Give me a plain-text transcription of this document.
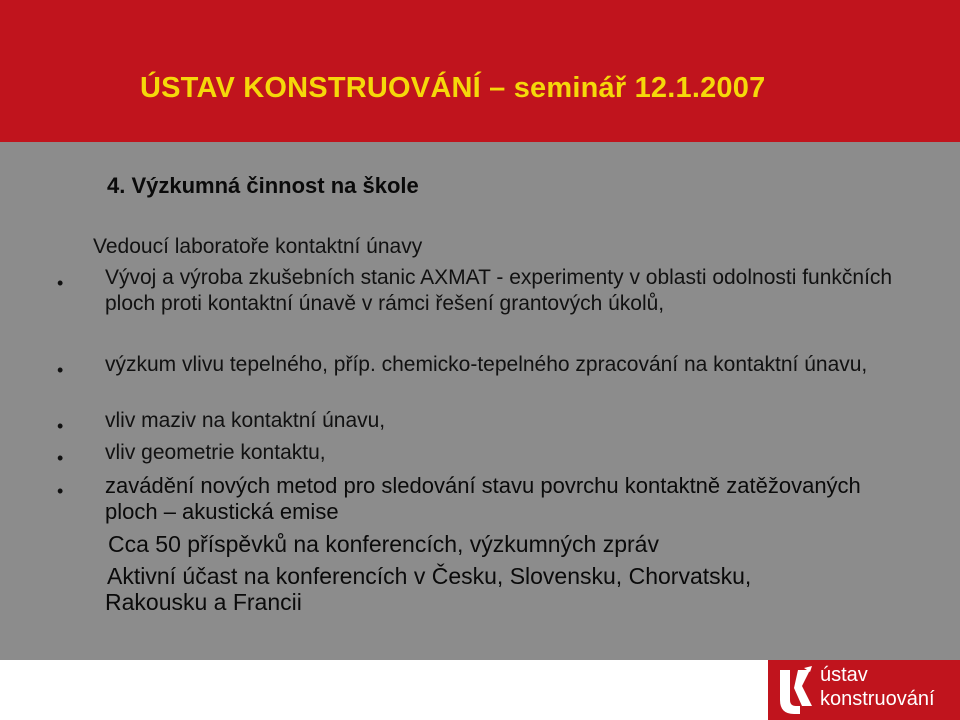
ÚSTAV KONSTRUOVÁNÍ – seminář 12.1.2007
4. Výzkumná činnost na škole
Vedoucí laboratoře kontaktní únavy
• Vývoj a výroba zkušebních stanic AXMAT - experimenty v oblasti odolnosti funkčních ploch proti kontaktní únavě v rámci řešení grantových úkolů,
• výzkum vlivu tepelného, příp. chemicko-tepelného zpracování na kontaktní únavu,
• vliv maziv na kontaktní únavu,
• vliv geometrie kontaktu,
• zavádění nových metod pro sledování stavu povrchu kontaktně zatěžovaných ploch – akustická emise
Cca 50 příspěvků na konferencích, výzkumných zpráv
Aktivní účast na konferencích v Česku, Slovensku, Chorvatsku,
Rakousku a Francii
ústav
konstruování
